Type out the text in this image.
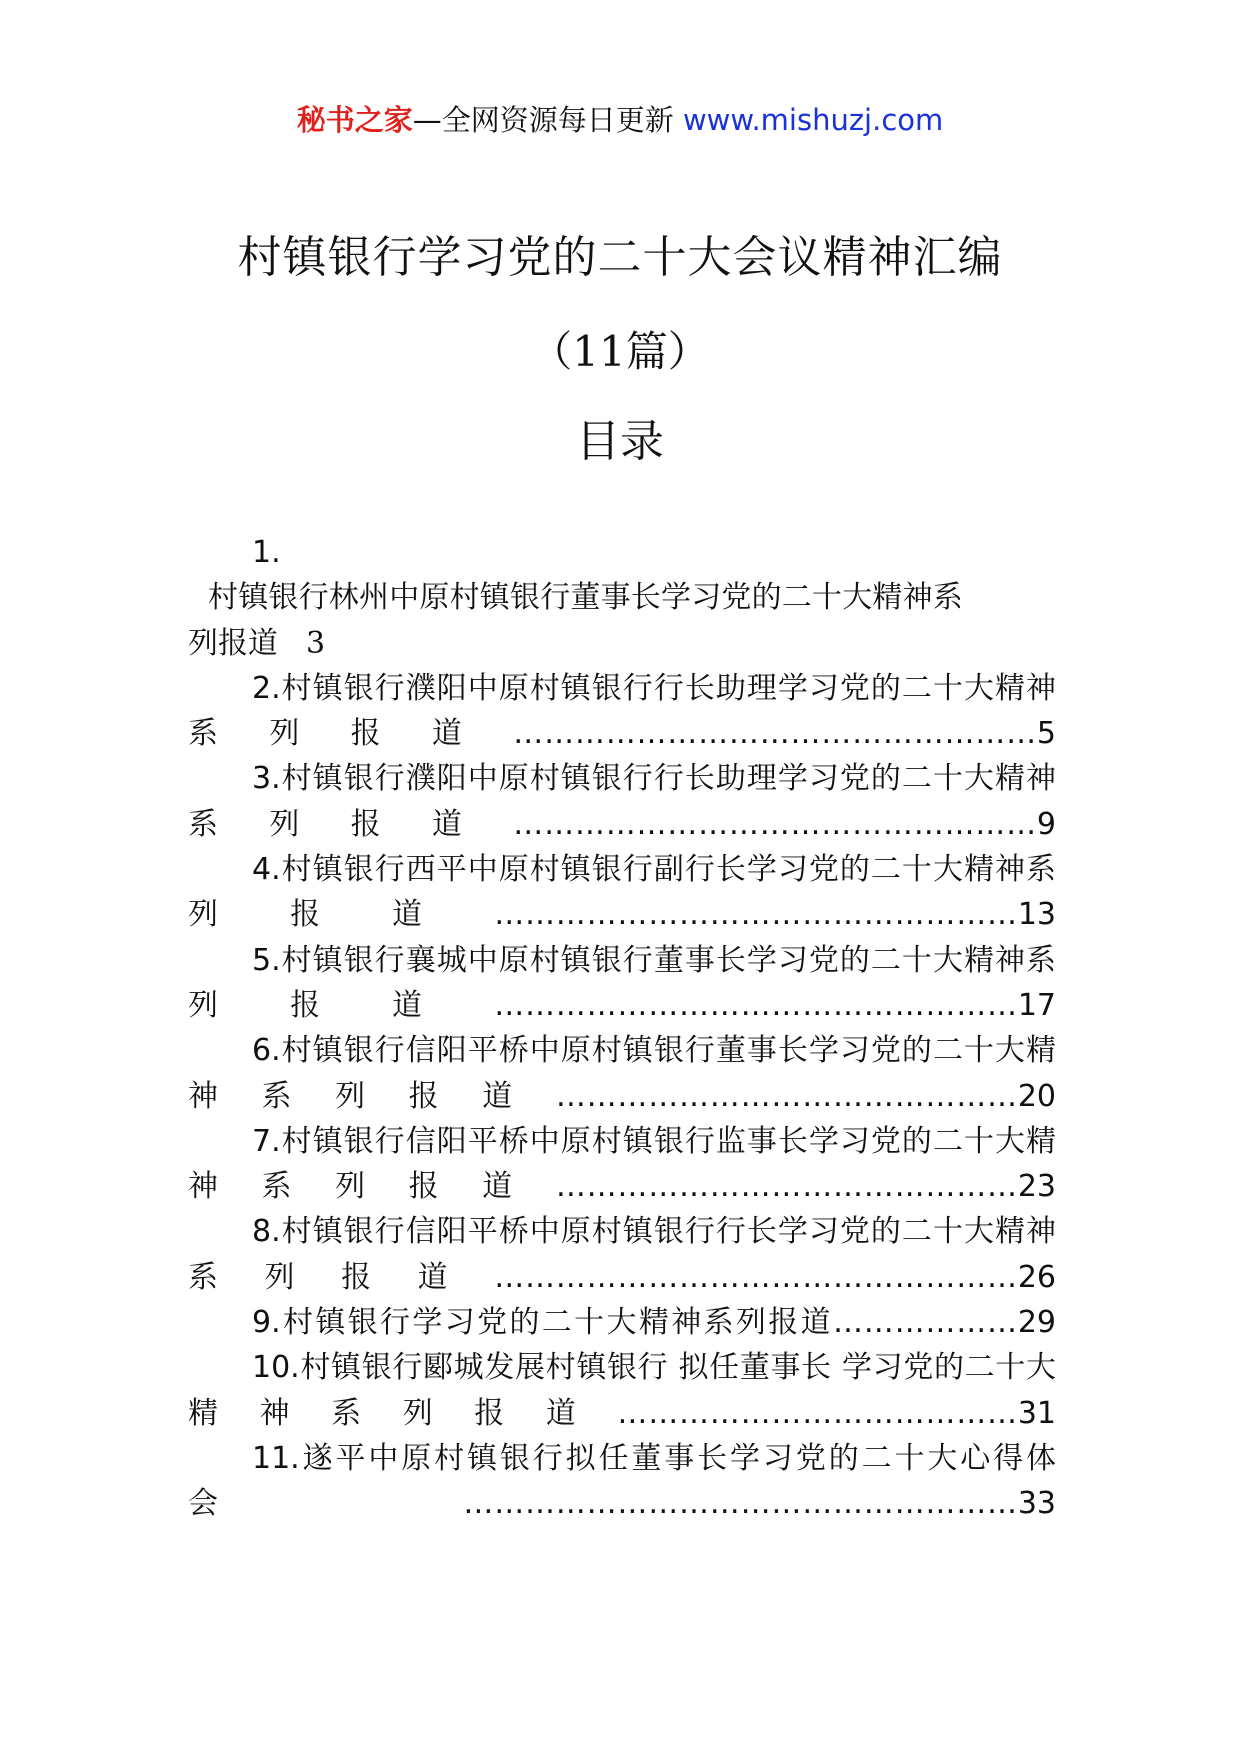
秘书之家—全网资源每日更新 www.mishuzj.com
村镇银行学习党的二十大会议精神汇编
（11篇）
目录
1.
村镇银行林州中原村镇银行董事长学习党的二十大精神系
列报道 3
2.村镇银行濮阳中原村镇银行行长助理学习党的二十大精神系列报道……………………………………………5
3.村镇银行濮阳中原村镇银行行长助理学习党的二十大精神系列报道……………………………………………9
4.村镇银行西平中原村镇银行副行长学习党的二十大精神系列报道……………………………………………13
5.村镇银行襄城中原村镇银行董事长学习党的二十大精神系列报道……………………………………………17
6.村镇银行信阳平桥中原村镇银行董事长学习党的二十大精神系列报道………………………………………20
7.村镇银行信阳平桥中原村镇银行监事长学习党的二十大精神系列报道………………………………………23
8.村镇银行信阳平桥中原村镇银行行长学习党的二十大精神系列报道……………………………………………26
9.村镇银行学习党的二十大精神系列报道………………29
10.村镇银行郾城发展村镇银行 拟任董事长 学习党的二十大精神系列报道…………………………………31
11.遂平中原村镇银行拟任董事长学习党的二十大心得体会………………………………………………33
